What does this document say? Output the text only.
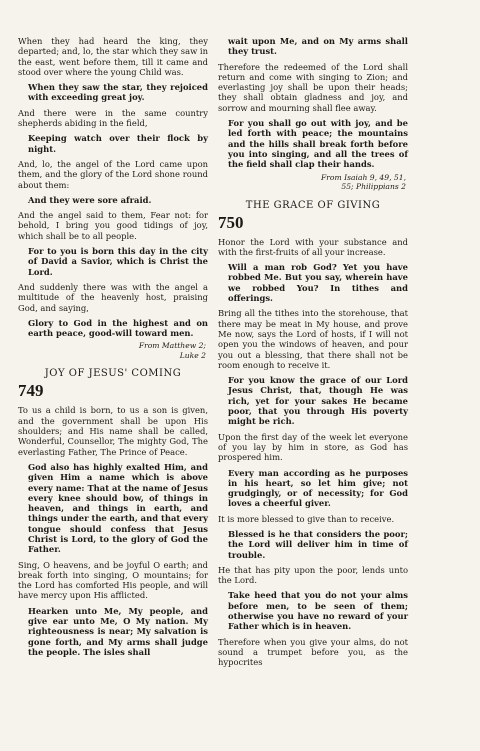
When they had heard the king, they departed; and, lo, the star which they saw in the east, went before them, till it came and stood over where the young Child was.
When they saw the star, they rejoiced with exceeding great joy.
And there were in the same country shepherds abiding in the field,
Keeping watch over their flock by night.
And, lo, the angel of the Lord came upon them, and the glory of the Lord shone round about them:
And they were sore afraid.
And the angel said to them, Fear not: for behold, I bring you good tidings of joy, which shall be to all people.
For to you is born this day in the city of David a Savior, which is Christ the Lord.
And suddenly there was with the angel a multitude of the heavenly host, praising God, and saying,
Glory to God in the highest and on earth peace, good-will toward men.
From Matthew 2;
Luke 2
JOY OF JESUS' COMING
749
To us a child is born, to us a son is given, and the government shall be upon His shoulders; and His name shall be called, Wonderful, Counsellor, The mighty God, The everlasting Father, The Prince of Peace.
God also has highly exalted Him, and given Him a name which is above every name: That at the name of Jesus every knee should bow, of things in heaven, and things in earth, and things under the earth, and that every tongue should confess that Jesus Christ is Lord, to the glory of God the Father.
Sing, O heavens, and be joyful O earth; and break forth into singing, O mountains; for the Lord has comforted His people, and will have mercy upon His afflicted.
Hearken unto Me, My people, and give ear unto Me, O My nation. My righteousness is near; My salvation is gone forth, and My arms shall judge the people. The isles shall
wait upon Me, and on My arms shall they trust.
Therefore the redeemed of the Lord shall return and come with singing to Zion; and everlasting joy shall be upon their heads; they shall obtain gladness and joy, and sorrow and mourning shall flee away.
For you shall go out with joy, and be led forth with peace; the mountains and the hills shall break forth before you into singing, and all the trees of the field shall clap their hands.
From Isaiah 9, 49, 51,
55; Philippians 2
THE GRACE OF GIVING
750
Honor the Lord with your substance and with the first-fruits of all your increase.
Will a man rob God? Yet you have robbed Me. But you say, wherein have we robbed You? In tithes and offerings.
Bring all the tithes into the storehouse, that there may be meat in My house, and prove Me now, says the Lord of hosts, if I will not open you the windows of heaven, and pour you out a blessing, that there shall not be room enough to receive it.
For you know the grace of our Lord Jesus Christ, that, though He was rich, yet for your sakes He became poor, that you through His poverty might be rich.
Upon the first day of the week let everyone of you lay by him in store, as God has prospered him.
Every man according as he purposes in his heart, so let him give; not grudgingly, or of necessity; for God loves a cheerful giver.
It is more blessed to give than to receive.
Blessed is he that considers the poor; the Lord will deliver him in time of trouble.
He that has pity upon the poor, lends unto the Lord.
Take heed that you do not your alms before men, to be seen of them; otherwise you have no reward of your Father which is in heaven.
Therefore when you give your alms, do not sound a trumpet before you, as the hypocrites
